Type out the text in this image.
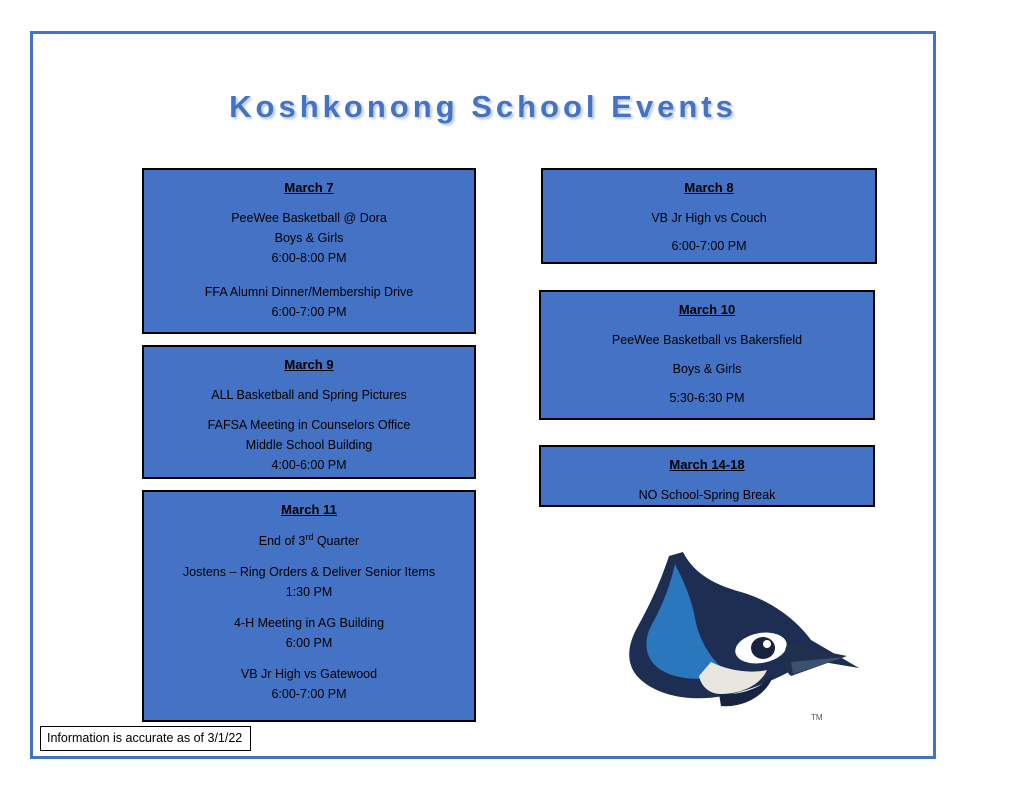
Koshkonong School Events
March 7
PeeWee Basketball @ Dora
Boys & Girls
6:00-8:00 PM
FFA Alumni Dinner/Membership Drive
6:00-7:00 PM
March 9
ALL Basketball and Spring Pictures
FAFSA Meeting in Counselors Office
Middle School Building
4:00-6:00 PM
March 11
End of 3rd Quarter
Jostens – Ring Orders & Deliver Senior Items
1:30 PM
4-H Meeting in AG Building
6:00 PM
VB Jr High vs Gatewood
6:00-7:00 PM
March 8
VB Jr High vs Couch
6:00-7:00 PM
March 10
PeeWee Basketball vs Bakersfield
Boys & Girls
5:30-6:30 PM
March 14-18
NO School-Spring Break
TM
Information is accurate as of 3/1/22
